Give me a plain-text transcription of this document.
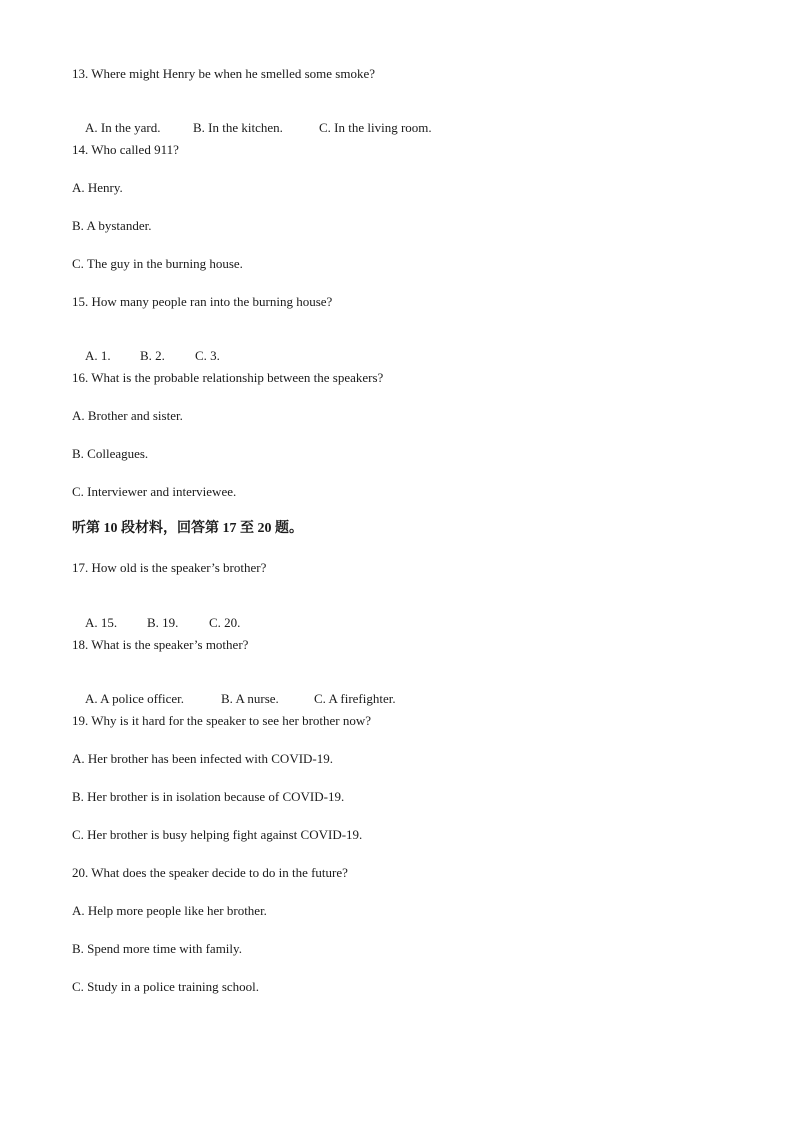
13. Where might Henry be when he smelled some smoke?

A. In the yard.	B. In the kitchen.	C. In the living room.

14. Who called 911?
A. Henry.
B. A bystander.
C. The guy in the burning house.
15. How many people ran into the burning house?

A. 1. B. 2. C. 3.

16. What is the probable relationship between the speakers?
A. Brother and sister.
B. Colleagues.
C. Interviewer and interviewee.
听第 10 段材料，回答第 17 至 20 题。
17. How old is the speaker’s brother?

A. 15. B. 19. C. 20.

18. What is the speaker’s mother?

A. A police officer.	B. A nurse.	C. A firefighter.

19. Why is it hard for the speaker to see her brother now?
A. Her brother has been infected with COVID-19.
B. Her brother is in isolation because of COVID-19.
C. Her brother is busy helping fight against COVID-19.
20. What does the speaker decide to do in the future?
A. Help more people like her brother.
B. Spend more time with family.
C. Study in a police training school.
